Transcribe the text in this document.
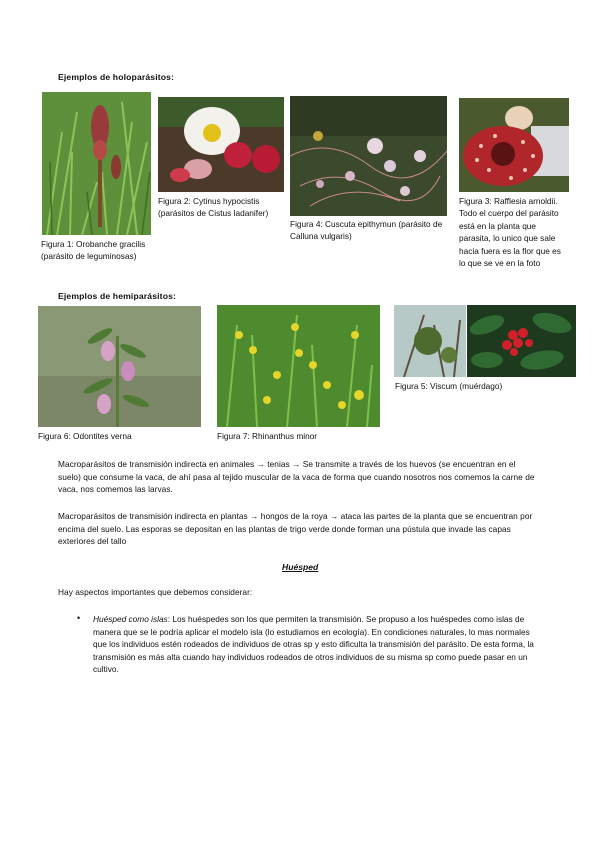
Ejemplos de holoparásitos:
Figura 1: Orobanche gracilis (parásito de leguminosas)
Figura 2: Cytinus hypocistis (parásitos de Cistus ladanifer)
Figura 4: Cuscuta epithymun (parásito de Calluna vulgaris)
Figura 3: Rafflesia arnoldii. Todo el cuerpo del parásito está en la planta que parasita, lo unico que sale hacia fuera es la flor que es lo que se ve en la foto
Ejemplos de hemiparásitos:
Figura 6: Odontites verna	Figura 7: Rhinanthus minor
Figura 5: Viscum (muérdago)
Macroparásitos de transmisión indirecta en animales → tenias → Se transmite a través de los huevos (se encuentran en el suelo) que consume la vaca, de ahí pasa al tejido muscular de la vaca de forma que cuando nosotros nos comemos la carne de vaca, nos comemos las larvas.
Macroparásitos de transmisión indirecta en plantas → hongos de la roya → ataca las partes de la planta que se encuentran por encima del suelo. Las esporas se depositan en las plantas de trigo verde donde forman una pústula que invade las capas exteriores del tallo
Huésped
Hay aspectos importantes que debemos considerar:
• Huésped como islas: Los huéspedes son los que permiten la transmisión. Se propuso a los huéspedes como islas de manera que se le podría aplicar el modelo isla (lo estudiamos en ecología). En condiciones naturales, lo mas normales que los individuos estén rodeados de individuos de otras sp y esto dificulta la transmisión del parásito. De esta forma, la transmisión es más alta cuando hay individuos rodeados de otros individuos de su misma sp como puede pasar en un cultivo.
